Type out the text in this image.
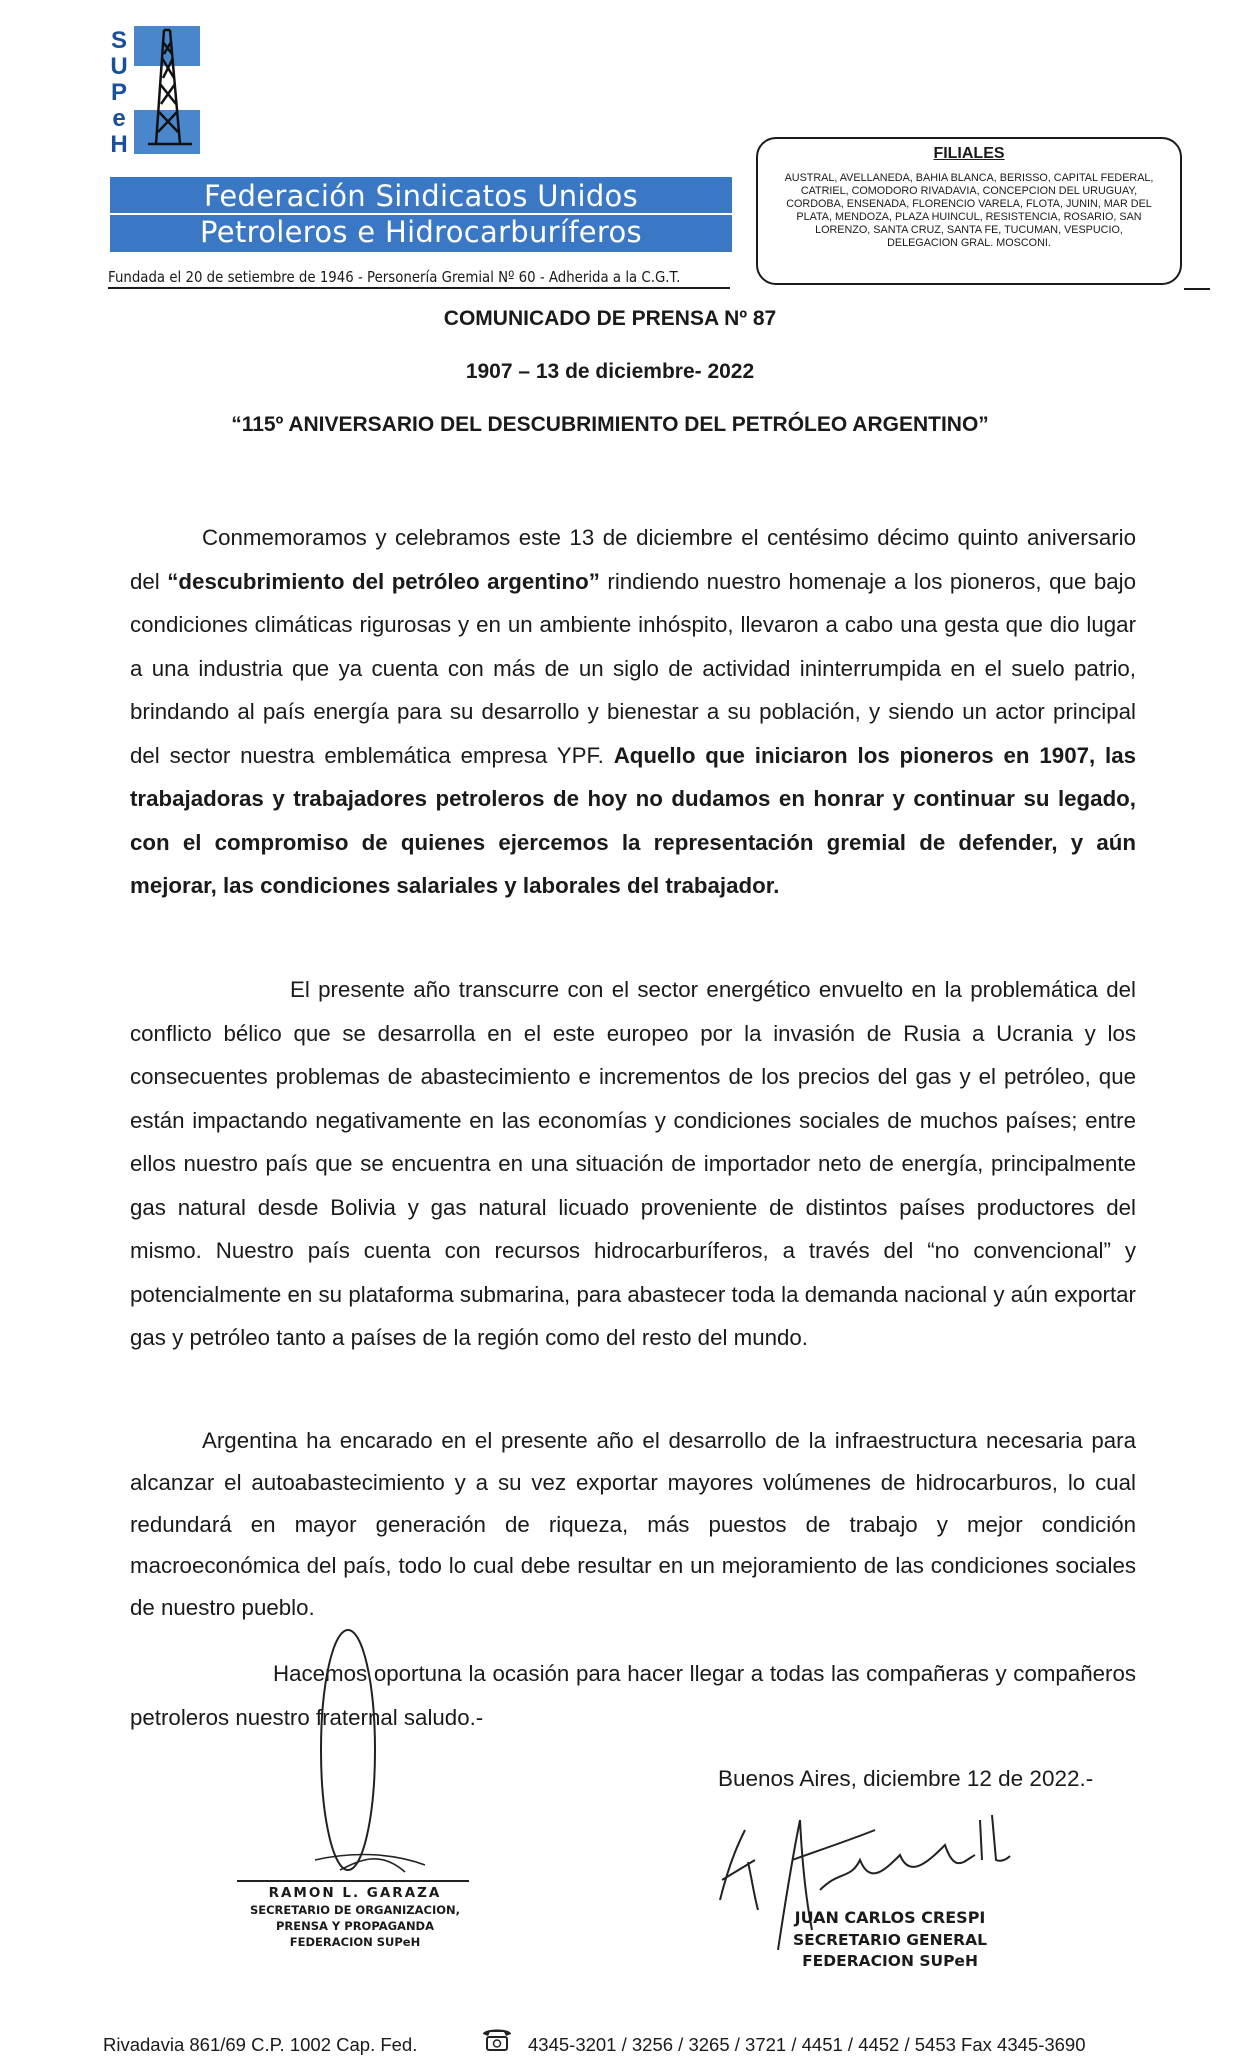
S
U
P
e
H
Federación Sindicatos Unidos
Petroleros e Hidrocarburíferos
Fundada el 20 de setiembre de 1946 - Personería Gremial Nº 60 - Adherida a la C.G.T.
FILIALES
AUSTRAL, AVELLANEDA, BAHIA BLANCA, BERISSO, CAPITAL FEDERAL, CATRIEL, COMODORO RIVADAVIA, CONCEPCION DEL URUGUAY, CORDOBA, ENSENADA, FLORENCIO VARELA, FLOTA, JUNIN, MAR DEL PLATA, MENDOZA, PLAZA HUINCUL, RESISTENCIA, ROSARIO, SAN LORENZO, SANTA CRUZ, SANTA FE, TUCUMAN, VESPUCIO, DELEGACION GRAL. MOSCONI.
COMUNICADO DE PRENSA Nº 87
1907 – 13 de diciembre- 2022
“115º ANIVERSARIO DEL DESCUBRIMIENTO DEL PETRÓLEO ARGENTINO”
Conmemoramos y celebramos este 13 de diciembre el centésimo décimo quinto aniversario del “descubrimiento del petróleo argentino” rindiendo nuestro homenaje a los pioneros, que bajo condiciones climáticas rigurosas y en un ambiente inhóspito, llevaron a cabo una gesta que dio lugar a una industria que ya cuenta con más de un siglo de actividad ininterrumpida en el suelo patrio, brindando al país energía para su desarrollo y bienestar a su población, y siendo un actor principal del sector nuestra emblemática empresa YPF. Aquello que iniciaron los pioneros en 1907, las trabajadoras y trabajadores petroleros de hoy no dudamos en honrar y continuar su legado, con el compromiso de quienes ejercemos la representación gremial de defender, y aún mejorar, las condiciones salariales y laborales del trabajador.
El presente año transcurre con el sector energético envuelto en la problemática del conflicto bélico que se desarrolla en el este europeo por la invasión de Rusia a Ucrania y los consecuentes problemas de abastecimiento e incrementos de los precios del gas y el petróleo, que están impactando negativamente en las economías y condiciones sociales de muchos países; entre ellos nuestro país que se encuentra en una situación de importador neto de energía, principalmente gas natural desde Bolivia y gas natural licuado proveniente de distintos países productores del mismo. Nuestro país cuenta con recursos hidrocarburíferos, a través del “no convencional” y potencialmente en su plataforma submarina, para abastecer toda la demanda nacional y aún exportar gas y petróleo tanto a países de la región como del resto del mundo.
Argentina ha encarado en el presente año el desarrollo de la infraestructura necesaria para alcanzar el autoabastecimiento y a su vez exportar mayores volúmenes de hidrocarburos, lo cual redundará en mayor generación de riqueza, más puestos de trabajo y mejor condición macroeconómica del país, todo lo cual debe resultar en un mejoramiento de las condiciones sociales de nuestro pueblo.
Hacemos oportuna la ocasión para hacer llegar a todas las compañeras y compañeros petroleros nuestro fraternal saludo.-
Buenos Aires, diciembre 12 de 2022.-
RAMON L. GARAZA
SECRETARIO DE ORGANIZACION,
PRENSA Y PROPAGANDA
FEDERACION SUPeH
JUAN CARLOS CRESPI
SECRETARIO GENERAL
FEDERACION SUPeH
Rivadavia 861/69 C.P. 1002 Cap. Fed.	4345-3201 / 3256 / 3265 / 3721 / 4451 / 4452 / 5453 Fax 4345-3690
